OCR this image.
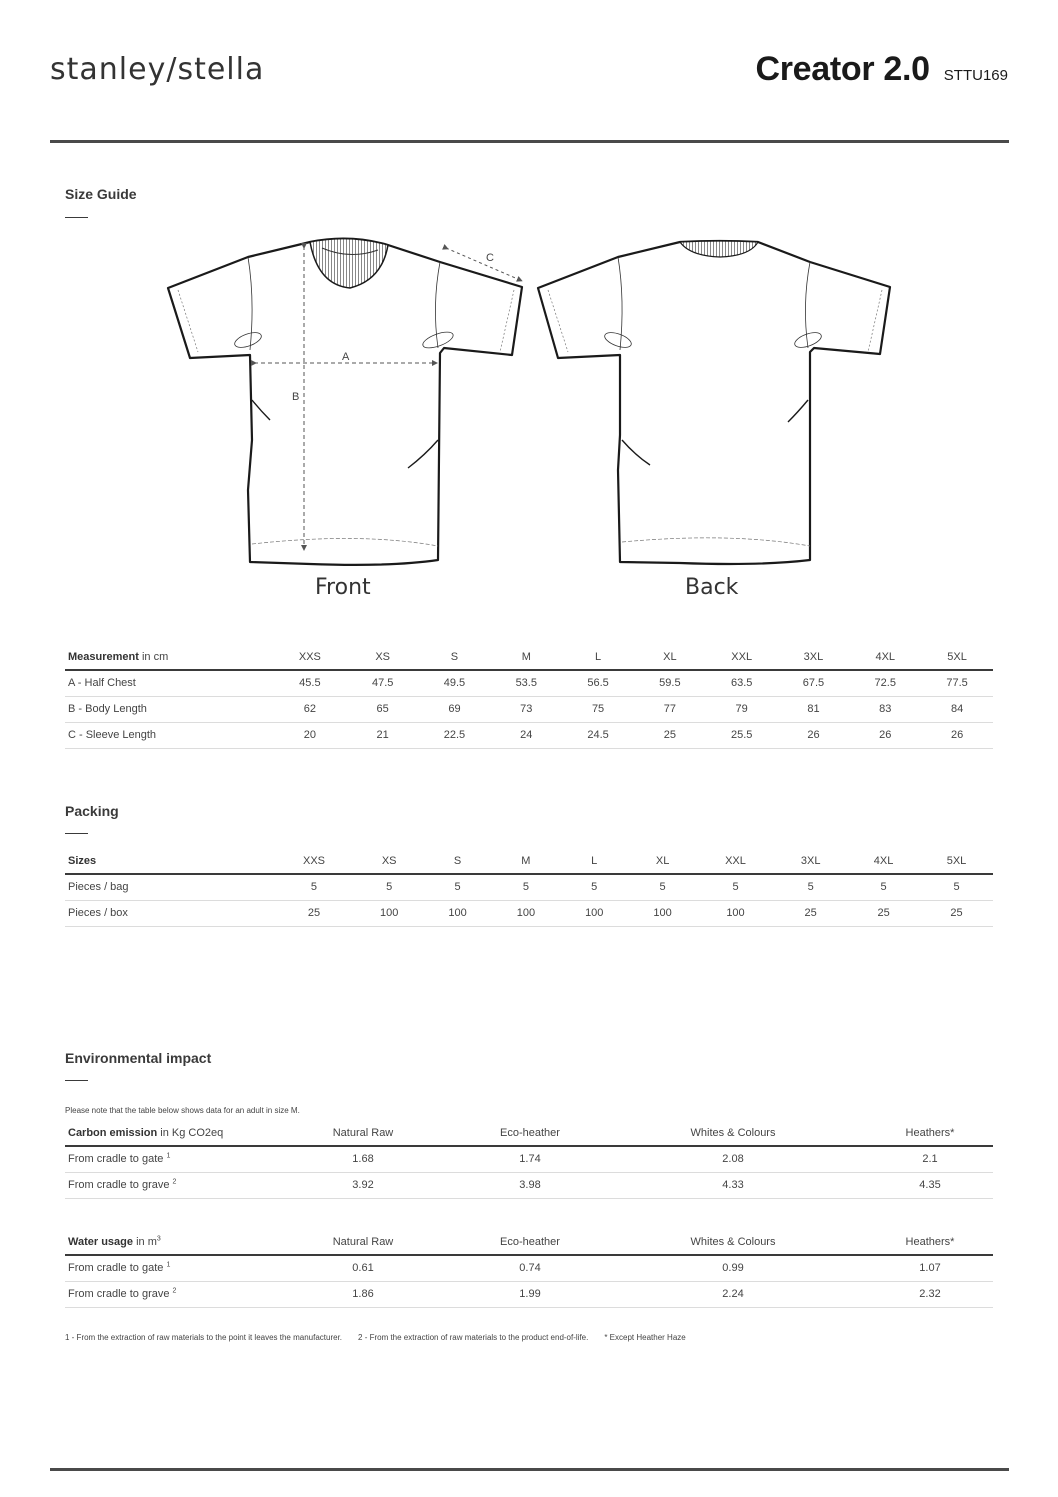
stanley/stella	Creator 2.0 STTU169
Size Guide
A
B
C
Front	Back
Measurement in cm	XXS	XS	S	M	L	XL	XXL	3XL	4XL	5XL
A - Half Chest	45.5	47.5	49.5	53.5	56.5	59.5	63.5	67.5	72.5	77.5
B - Body Length	62	65	69	73	75	77	79	81	83	84
C - Sleeve Length	20	21	22.5	24	24.5	25	25.5	26	26	26
Packing
Sizes	XXS	XS	S	M	L	XL	XXL	3XL	4XL	5XL
Pieces / bag	5	5	5	5	5	5	5	5	5	5
Pieces / box	25	100	100	100	100	100	100	25	25	25
Environmental impact
Please note that the table below shows data for an adult in size M.
Carbon emission in Kg CO2eq	Natural Raw	Eco-heather	Whites & Colours	Heathers*
From cradle to gate $^1$	1.68	1.74	2.08	2.1
From cradle to grave $^2$	3.92	3.98	4.33	4.35
Water usage in $m^3$	Natural Raw	Eco-heather	Whites & Colours	Heathers*
From cradle to gate $^1$	0.61	0.74	0.99	1.07
From cradle to grave $^2$	1.86	1.99	2.24	2.32
1 - From the extraction of raw materials to the point it leaves the manufacturer. 2 - From the extraction of raw materials to the product end-of-life. * Except Heather Haze
